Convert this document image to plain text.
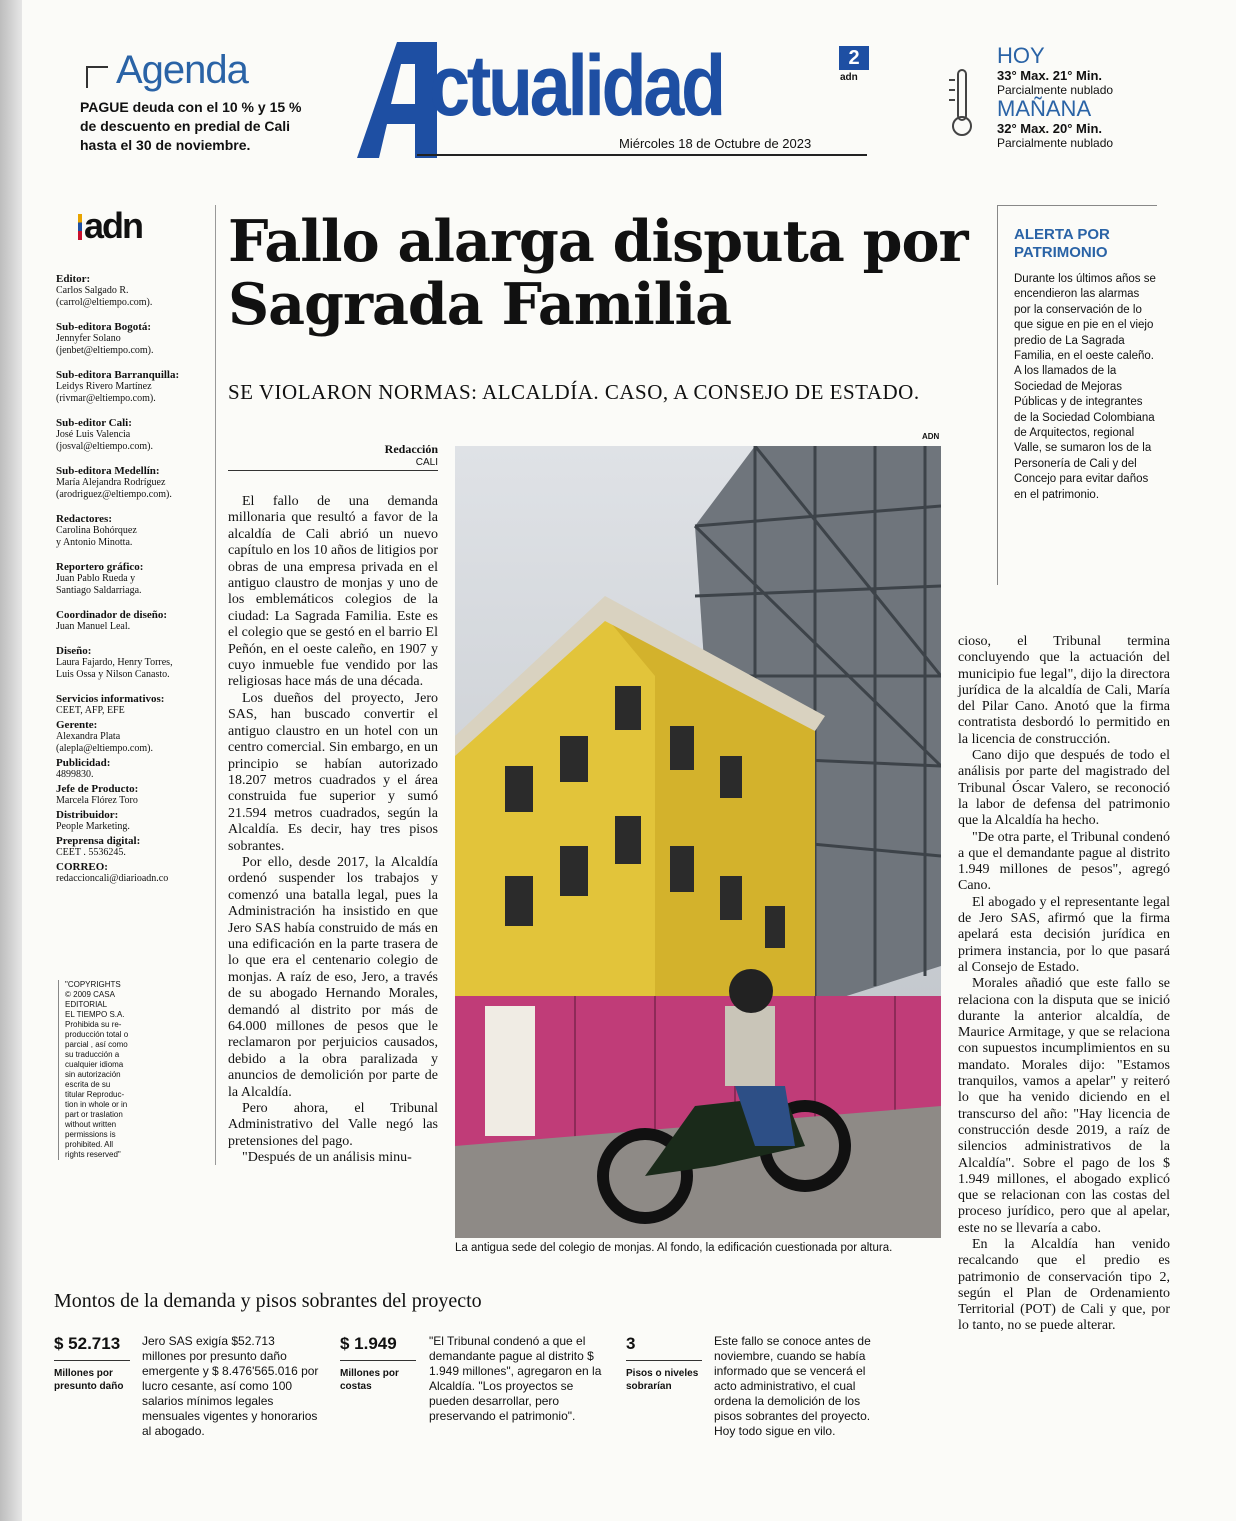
Agenda
PAGUE deuda con el 10 % y 15 % de descuento en predial de Cali hasta el 30 de noviembre.
ctualidad	2
adn
Miércoles 18 de Octubre de 2023
HOY
33° Max. 21° Min.
Parcialmente nublado
MAÑANA
32° Max. 20° Min.
Parcialmente nublado
adn
Editor:
Carlos Salgado R.
(carrol@eltiempo.com).
Sub-editora Bogotá:
Jennyfer Solano
(jenbet@eltiempo.com).
Sub-editora Barranquilla:
Leidys Rivero Martínez
(rivmar@eltiempo.com).
Sub-editor Cali:
José Luis Valencia
(josval@eltiempo.com).
Sub-editora Medellín:
María Alejandra Rodríguez
(arodriguez@eltiempo.com).
Redactores:
Carolina Bohórquez
y Antonio Minotta.
Reportero gráfico:
Juan Pablo Rueda y
Santiago Saldarriaga.
Coordinador de diseño:
Juan Manuel Leal.
Diseño:
Laura Fajardo, Henry Torres,
Luis Ossa y Nilson Canasto.
Servicios informativos:
CEET, AFP, EFE
Gerente:
Alexandra Plata
(alepla@eltiempo.com).
Publicidad:
4899830.
Jefe de Producto:
Marcela Flórez Toro
Distribuidor:
People Marketing.
Preprensa digital:
CEET . 5536245.
CORREO:
redaccioncali@diarioadn.co
"COPYRIGHTS
© 2009 CASA
EDITORIAL
EL TIEMPO S.A.
Prohibida su re-
producción total o
parcial , así como
su traducción a
cualquier idioma
sin autorización
escrita de su
titular Reproduc-
tion in whole or in
part or traslation
without written
permissions is
prohibited. All
rights reserved"
Fallo alarga disputa por Sagrada Familia
SE VIOLARON NORMAS: ALCALDÍA. CASO, A CONSEJO DE ESTADO.
ADN
Redacción
CALI

El fallo de una demanda millonaria que resultó a favor de la alcaldía de Cali abrió un nuevo capítulo en los 10 años de litigios por obras de una empresa privada en el antiguo claustro de monjas y uno de los emblemáticos colegios de la ciudad: La Sagrada Familia. Este es el colegio que se gestó en el barrio El Peñón, en el oeste caleño, en 1907 y cuyo inmueble fue vendido por las religiosas hace más de una década.

Los dueños del proyecto, Jero SAS, han buscado convertir el antiguo claustro en un hotel con un centro comercial. Sin embargo, en un principio se habían autorizado 18.207 metros cuadrados y el área construida fue superior y sumó 21.594 metros cuadrados, según la Alcaldía. Es decir, hay tres pisos sobrantes.

Por ello, desde 2017, la Alcaldía ordenó suspender los trabajos y comenzó una batalla legal, pues la Administración ha insistido en que Jero SAS había construido de más en una edificación en la parte trasera de lo que era el centenario colegio de monjas. A raíz de eso, Jero, a través de su abogado Hernando Morales, demandó al distrito por más de 64.000 millones de pesos que le reclamaron por perjuicios causados, debido a la obra paralizada y anuncios de demolición por parte de la Alcaldía.

Pero ahora, el Tribunal Administrativo del Valle negó las pretensiones del pago.

"Después de un análisis minu-

La antigua sede del colegio de monjas. Al fondo, la edificación cuestionada por altura.

cioso, el Tribunal termina concluyendo que la actuación del municipio fue legal", dijo la directora jurídica de la alcaldía de Cali, María del Pilar Cano. Anotó que la firma contratista desbordó lo permitido en la licencia de construcción.

Cano dijo que después de todo el análisis por parte del magistrado del Tribunal Óscar Valero, se reconoció la labor de defensa del patrimonio que la Alcaldía ha hecho.

"De otra parte, el Tribunal condenó a que el demandante pague al distrito 1.949 millones de pesos", agregó Cano.

El abogado y el representante legal de Jero SAS, afirmó que la firma apelará esta decisión jurídica en primera instancia, por lo que pasará al Consejo de Estado.

Morales añadió que este fallo se relaciona con la disputa que se inició durante la anterior alcaldía, de Maurice Armitage, y que se relaciona con supuestos incumplimientos en su mandato. Morales dijo: "Estamos tranquilos, vamos a apelar" y reiteró lo que ha venido diciendo en el transcurso del año: "Hay licencia de construcción desde 2019, a raíz de silencios administrativos de la Alcaldía". Sobre el pago de los $ 1.949 millones, el abogado explicó que se relacionan con las costas del proceso jurídico, pero que al apelar, este no se llevaría a cabo.

En la Alcaldía han venido recalcando que el predio es patrimonio de conservación tipo 2, según el Plan de Ordenamiento Territorial (POT) de Cali y que, por lo tanto, no se puede alterar.

ALERTA POR PATRIMONIO

Durante los últimos años se encendieron las alarmas por la conservación de lo que sigue en pie en el viejo predio de La Sagrada Familia, en el oeste caleño.

A los llamados de la Sociedad de Mejoras Públicas y de integrantes de la Sociedad Colombiana de Arquitectos, regional Valle, se sumaron los de la Personería de Cali y del Concejo para evitar daños en el patrimonio.

Montos de la demanda y pisos sobrantes del proyecto
$ 52.713
Millones por presunto daño
Jero SAS exigía $52.713 millones por presunto daño emergente y $ 8.476'565.016 por lucro cesante, así como 100 salarios mínimos legales mensuales vigentes y honorarios al abogado.
$ 1.949
Millones por costas
"El Tribunal condenó a que el demandante pague al distrito $ 1.949 millones", agregaron en la Alcaldía. "Los proyectos se pueden desarrollar, pero preservando el patrimonio".
3
Pisos o niveles sobrarían
Este fallo se conoce antes de noviembre, cuando se había informado que se vencerá el acto administrativo, el cual ordena la demolición de los pisos sobrantes del proyecto. Hoy todo sigue en vilo.
